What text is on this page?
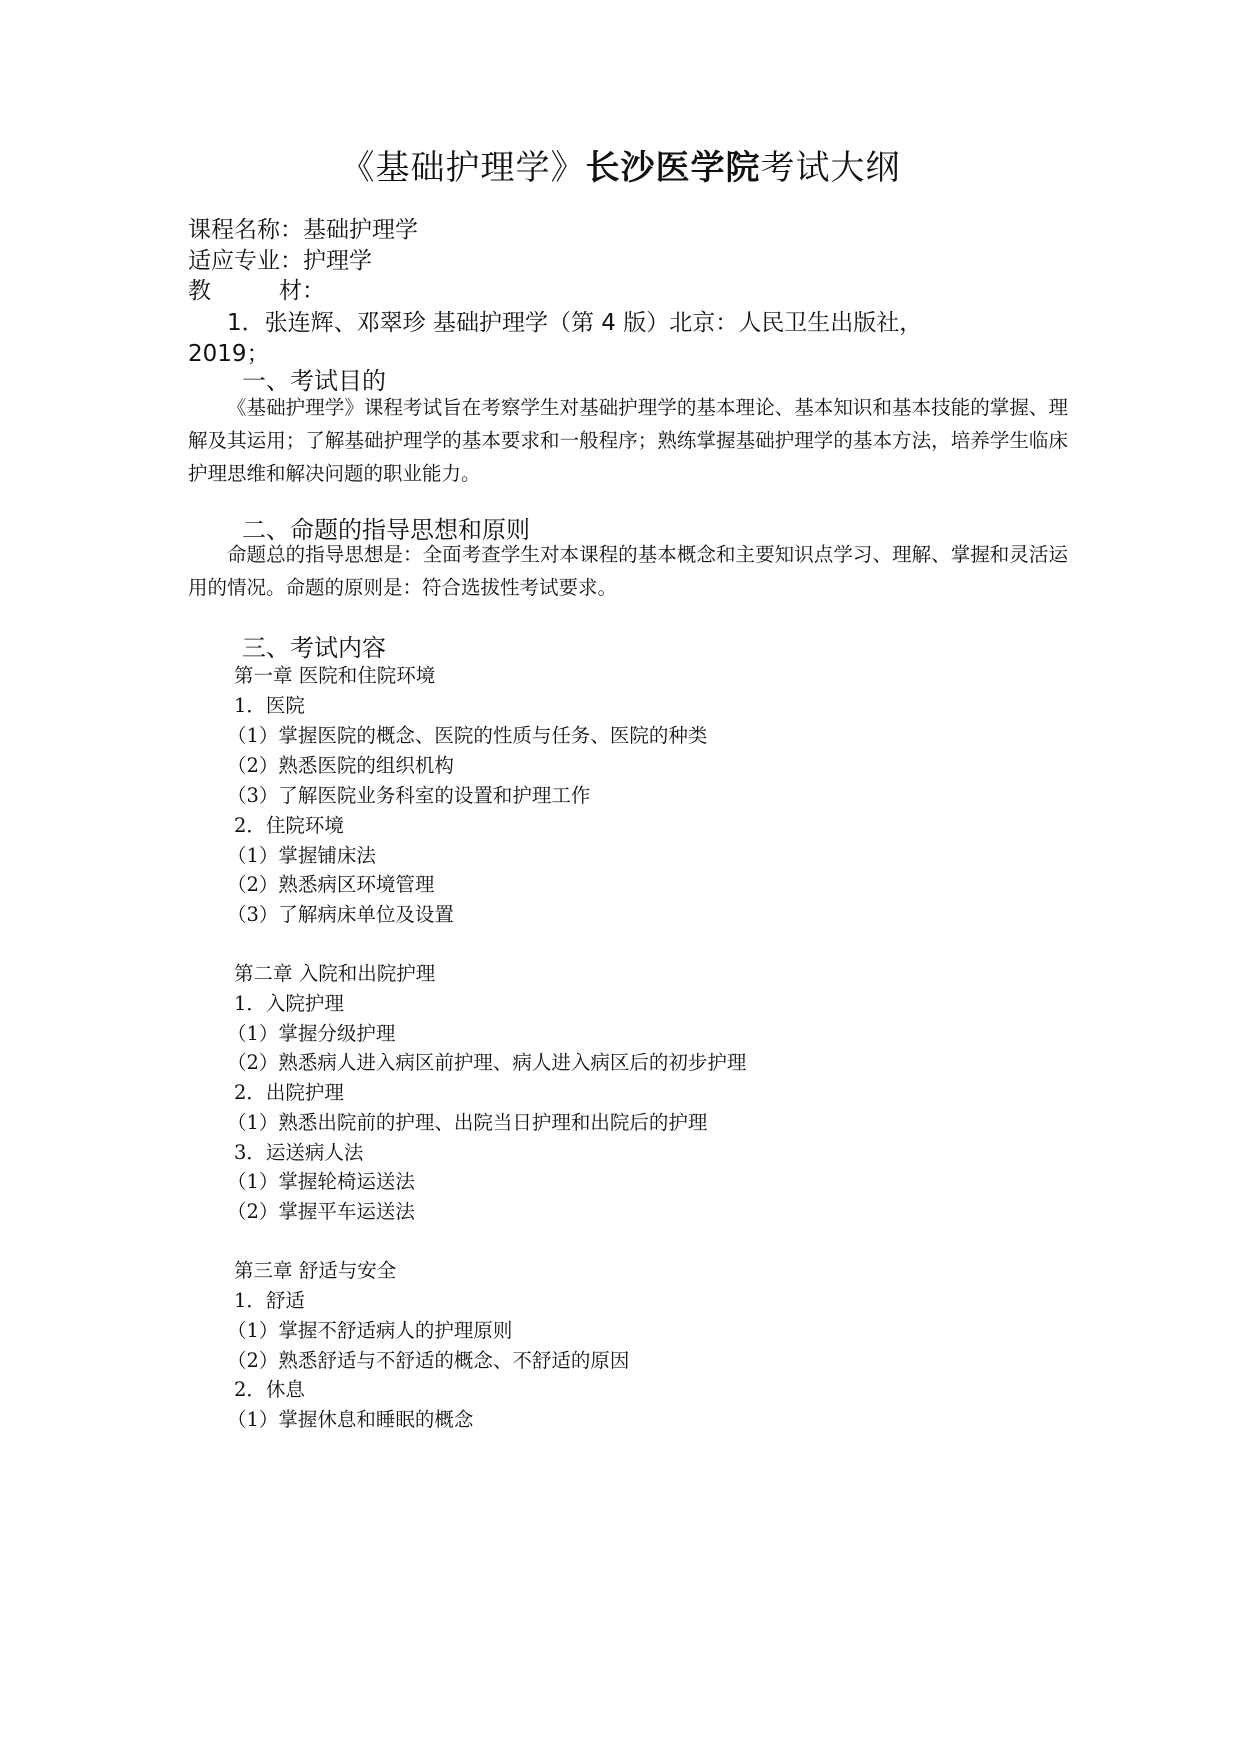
《基础护理学》长沙医学院考试大纲
课程名称：基础护理学
适应专业：护理学
教	材：
1．张连辉、邓翠珍 基础护理学（第 4 版）北京：人民卫生出版社，
2019；
一、考试目的
《基础护理学》课程考试旨在考察学生对基础护理学的基本理论、基本知识和基本技能的掌握、理解及其运用；了解基础护理学的基本要求和一般程序；熟练掌握基础护理学的基本方法，培养学生临床护理思维和解决问题的职业能力。
二、命题的指导思想和原则
命题总的指导思想是：全面考查学生对本课程的基本概念和主要知识点学习、理解、掌握和灵活运用的情况。命题的原则是：符合选拔性考试要求。
三、考试内容
第一章 医院和住院环境
1．医院
（1）掌握医院的概念、医院的性质与任务、医院的种类
（2）熟悉医院的组织机构
（3）了解医院业务科室的设置和护理工作
2．住院环境
（1）掌握铺床法
（2）熟悉病区环境管理
（3）了解病床单位及设置
第二章 入院和出院护理
1．入院护理
（1）掌握分级护理
（2）熟悉病人进入病区前护理、病人进入病区后的初步护理
2．出院护理
（1）熟悉出院前的护理、出院当日护理和出院后的护理
3．运送病人法
（1）掌握轮椅运送法
（2）掌握平车运送法
第三章 舒适与安全
1．舒适
（1）掌握不舒适病人的护理原则
（2）熟悉舒适与不舒适的概念、不舒适的原因
2．休息
（1）掌握休息和睡眠的概念
